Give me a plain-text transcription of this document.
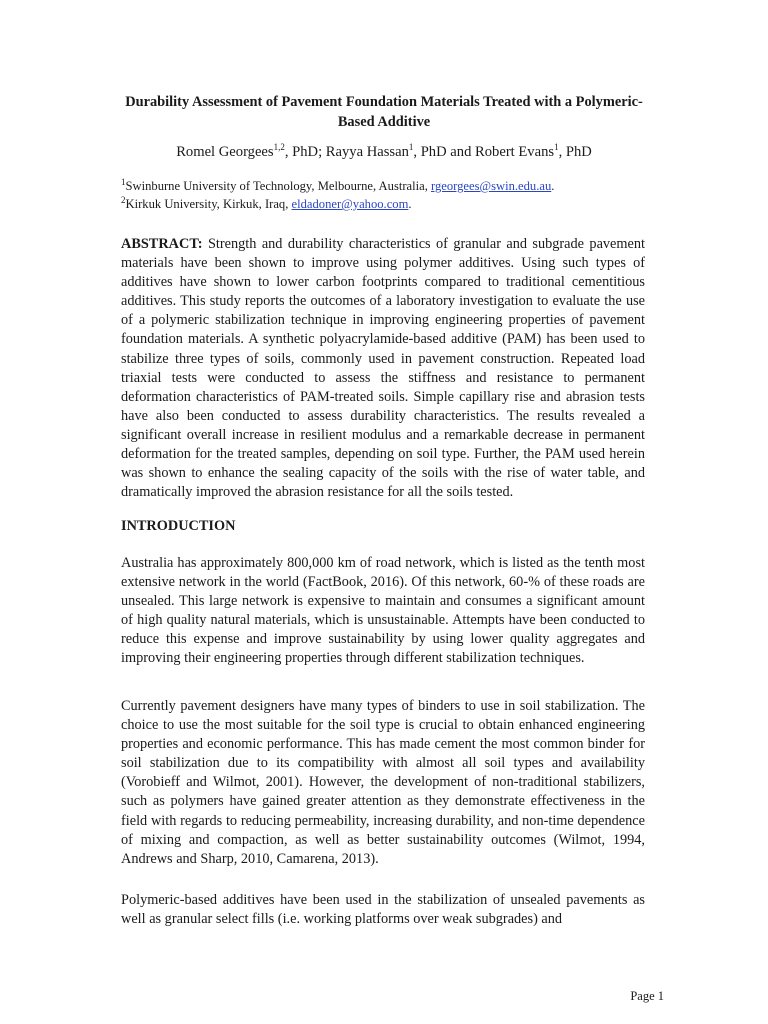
Durability Assessment of Pavement Foundation Materials Treated with a Polymeric-Based Additive
Romel Georgees$^{1,2}$, PhD; Rayya Hassan$^1$, PhD and Robert Evans$^1$, PhD
$^1$Swinburne University of Technology, Melbourne, Australia, rgeorgees@swin.edu.au.
$^2$Kirkuk University, Kirkuk, Iraq, eldadoner@yahoo.com.

ABSTRACT: Strength and durability characteristics of granular and subgrade pavement materials have been shown to improve using polymer additives. Using such types of additives have shown to lower carbon footprints compared to traditional cementitious additives. This study reports the outcomes of a laboratory investigation to evaluate the use of a polymeric stabilization technique in improving engineering properties of pavement foundation materials. A synthetic polyacrylamide-based additive (PAM) has been used to stabilize three types of soils, commonly used in pavement construction. Repeated load triaxial tests were conducted to assess the stiffness and resistance to permanent deformation characteristics of PAM-treated soils. Simple capillary rise and abrasion tests have also been conducted to assess durability characteristics. The results revealed a significant overall increase in resilient modulus and a remarkable decrease in permanent deformation for the treated samples, depending on soil type. Further, the PAM used herein was shown to enhance the sealing capacity of the soils with the rise of water table, and dramatically improved the abrasion resistance for all the soils tested.

INTRODUCTION

Australia has approximately 800,000 km of road network, which is listed as the tenth most extensive network in the world (FactBook, 2016). Of this network, 60-% of these roads are unsealed. This large network is expensive to maintain and consumes a significant amount of high quality natural materials, which is unsustainable. Attempts have been conducted to reduce this expense and improve sustainability by using lower quality aggregates and improving their engineering properties through different stabilization techniques.

Currently pavement designers have many types of binders to use in soil stabilization. The choice to use the most suitable for the soil type is crucial to obtain enhanced engineering properties and economic performance. This has made cement the most common binder for soil stabilization due to its compatibility with almost all soil types and availability (Vorobieff and Wilmot, 2001). However, the development of non-traditional stabilizers, such as polymers have gained greater attention as they demonstrate effectiveness in the field with regards to reducing permeability, increasing durability, and non-time dependence of mixing and compaction, as well as better sustainability outcomes (Wilmot, 1994, Andrews and Sharp, 2010, Camarena, 2013).

Polymeric-based additives have been used in the stabilization of unsealed pavements as well as granular select fills (i.e. working platforms over weak subgrades) and

Page 1
